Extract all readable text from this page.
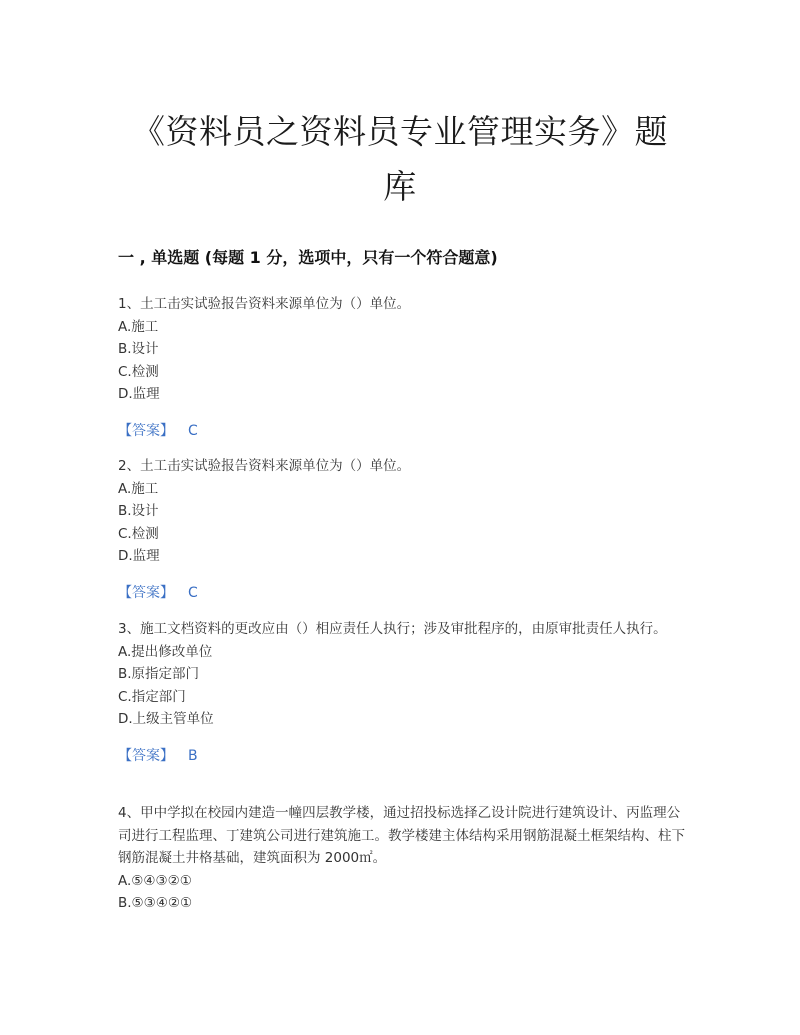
《资料员之资料员专业管理实务》题
库
一 , 单选题 (每题 1 分，选项中，只有一个符合题意)

1、土工击实试验报告资料来源单位为（）单位。

A.施工

B.设计

C.检测

D.监理

【答案】 C

2、土工击实试验报告资料来源单位为（）单位。

A.施工

B.设计

C.检测

D.监理

【答案】 C

3、施工文档资料的更改应由（）相应责任人执行；涉及审批程序的，由原审批责任人执行。

A.提出修改单位

B.原指定部门

C.指定部门

D.上级主管单位

【答案】 B

4、甲中学拟在校园内建造一幢四层教学楼，通过招投标选择乙设计院进行建筑设计、丙监理公司进行工程监理、丁建筑公司进行建筑施工。教学楼建主体结构采用钢筋混凝土框架结构、柱下钢筋混凝土井格基础，建筑面积为 2000㎡。

A.⑤④③②①

B.⑤③④②①
